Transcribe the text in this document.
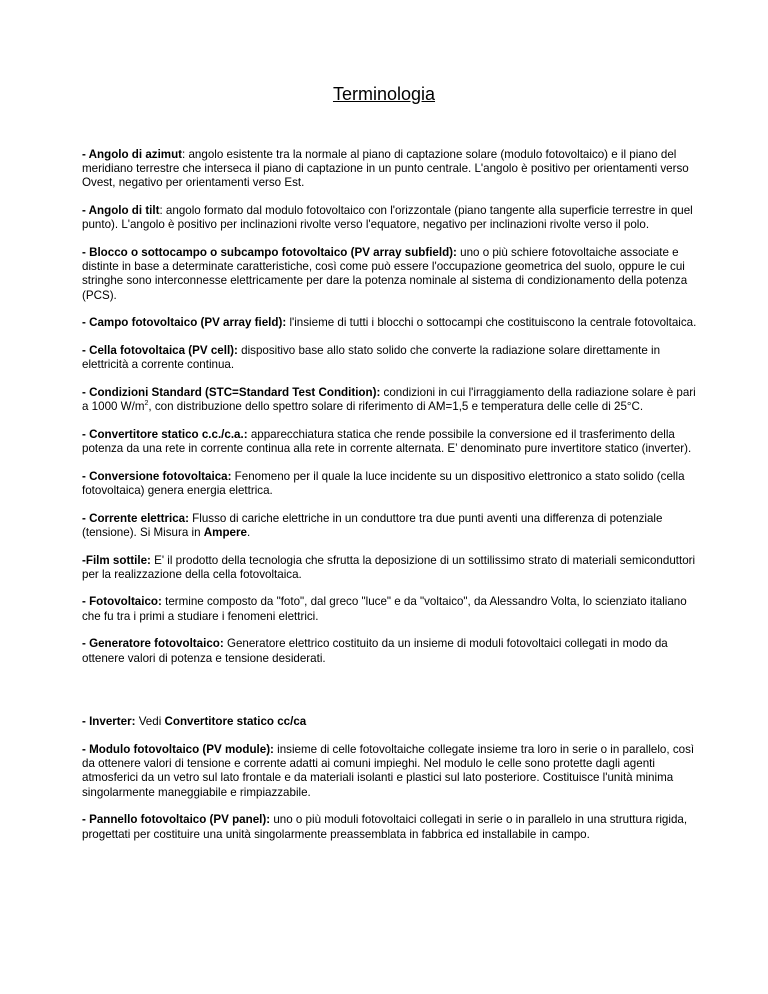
Terminologia

- Angolo di azimut: angolo esistente tra la normale al piano di captazione solare (modulo fotovoltaico) e il piano del meridiano terrestre che interseca il piano di captazione in un punto centrale. L'angolo è positivo per orientamenti verso Ovest, negativo per orientamenti verso Est.

- Angolo di tilt: angolo formato dal modulo fotovoltaico con l'orizzontale (piano tangente alla superficie terrestre in quel punto). L'angolo è positivo per inclinazioni rivolte verso l'equatore, negativo per inclinazioni rivolte verso il polo.

- Blocco o sottocampo o subcampo fotovoltaico (PV array subfield): uno o più schiere fotovoltaiche associate e distinte in base a determinate caratteristiche, così come può essere l'occupazione geometrica del suolo, oppure le cui stringhe sono interconnesse elettricamente per dare la potenza nominale al sistema di condizionamento della potenza (PCS).

- Campo fotovoltaico (PV array field): l'insieme di tutti i blocchi o sottocampi che costituiscono la centrale fotovoltaica.

- Cella fotovoltaica (PV cell): dispositivo base allo stato solido che converte la radiazione solare direttamente in elettricità a corrente continua.

- Condizioni Standard (STC=Standard Test Condition): condizioni in cui l'irraggiamento della radiazione solare è pari a 1000 $W/m^2$, con distribuzione dello spettro solare di riferimento di AM=1,5 e temperatura delle celle di 25°C.

- Convertitore statico c.c./c.a.: apparecchiatura statica che rende possibile la conversione ed il trasferimento della potenza da una rete in corrente continua alla rete in corrente alternata. E’ denominato pure invertitore statico (inverter).

- Conversione fotovoltaica: Fenomeno per il quale la luce incidente su un dispositivo elettronico a stato solido (cella fotovoltaica) genera energia elettrica.

- Corrente elettrica: Flusso di cariche elettriche in un conduttore tra due punti aventi una differenza di potenziale (tensione). Si Misura in Ampere.

-Film sottile: E' il prodotto della tecnologia che sfrutta la deposizione di un sottilissimo strato di materiali semiconduttori per la realizzazione della cella fotovoltaica.

- Fotovoltaico: termine composto da "foto", dal greco "luce" e da "voltaico", da Alessandro Volta, lo scienziato italiano che fu tra i primi a studiare i fenomeni elettrici.

- Generatore fotovoltaico: Generatore elettrico costituito da un insieme di moduli fotovoltaici collegati in modo da ottenere valori di potenza e tensione desiderati.

- Inverter: Vedi Convertitore statico cc/ca

- Modulo fotovoltaico (PV module): insieme di celle fotovoltaiche collegate insieme tra loro in serie o in parallelo, così da ottenere valori di tensione e corrente adatti ai comuni impieghi. Nel modulo le celle sono protette dagli agenti atmosferici da un vetro sul lato frontale e da materiali isolanti e plastici sul lato posteriore. Costituisce l'unità minima singolarmente maneggiabile e rimpiazzabile.

- Pannello fotovoltaico (PV panel): uno o più moduli fotovoltaici collegati in serie o in parallelo in una struttura rigida, progettati per costituire una unità singolarmente preassemblata in fabbrica ed installabile in campo.
